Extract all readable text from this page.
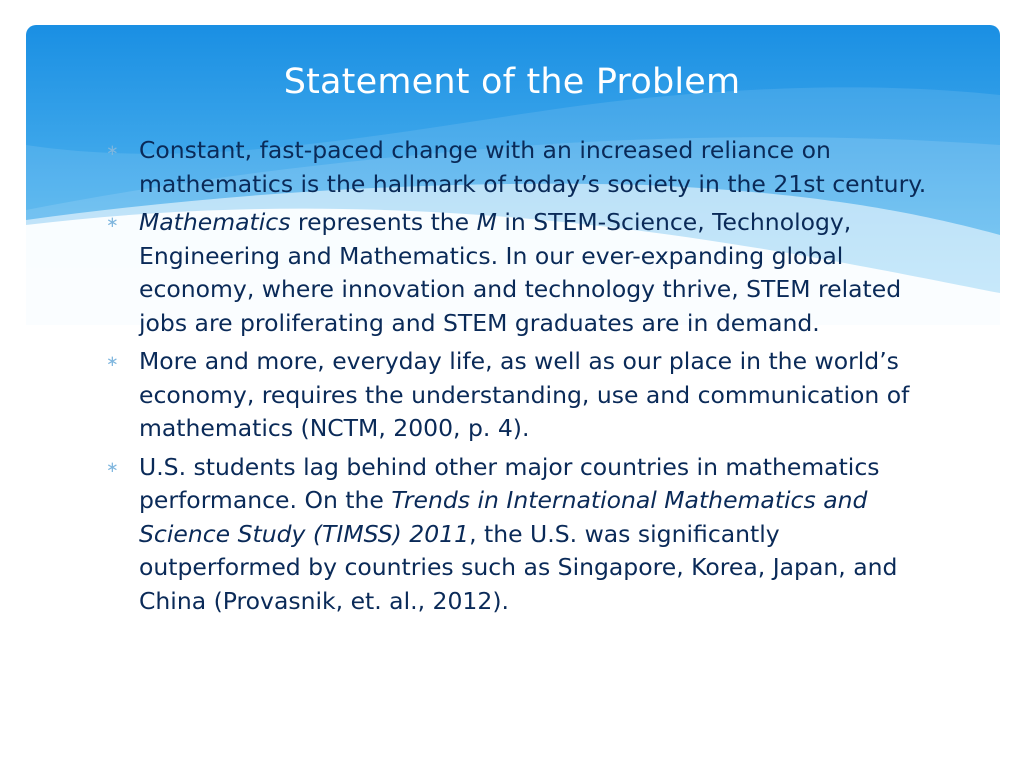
Statement of the Problem
∗ Constant, fast-paced change with an increased reliance on mathematics is the hallmark of today’s society in the 21st century.
∗ Mathematics represents the M in STEM-Science, Technology, Engineering and Mathematics. In our ever-expanding global economy, where innovation and technology thrive, STEM related jobs are proliferating and STEM graduates are in demand.
∗ More and more, everyday life, as well as our place in the world’s economy, requires the understanding, use and communication of mathematics (NCTM, 2000, p. 4).
∗ U.S. students lag behind other major countries in mathematics performance. On the Trends in International Mathematics and Science Study (TIMSS) 2011, the U.S. was significantly outperformed by countries such as Singapore, Korea, Japan, and China (Provasnik, et. al., 2012).
